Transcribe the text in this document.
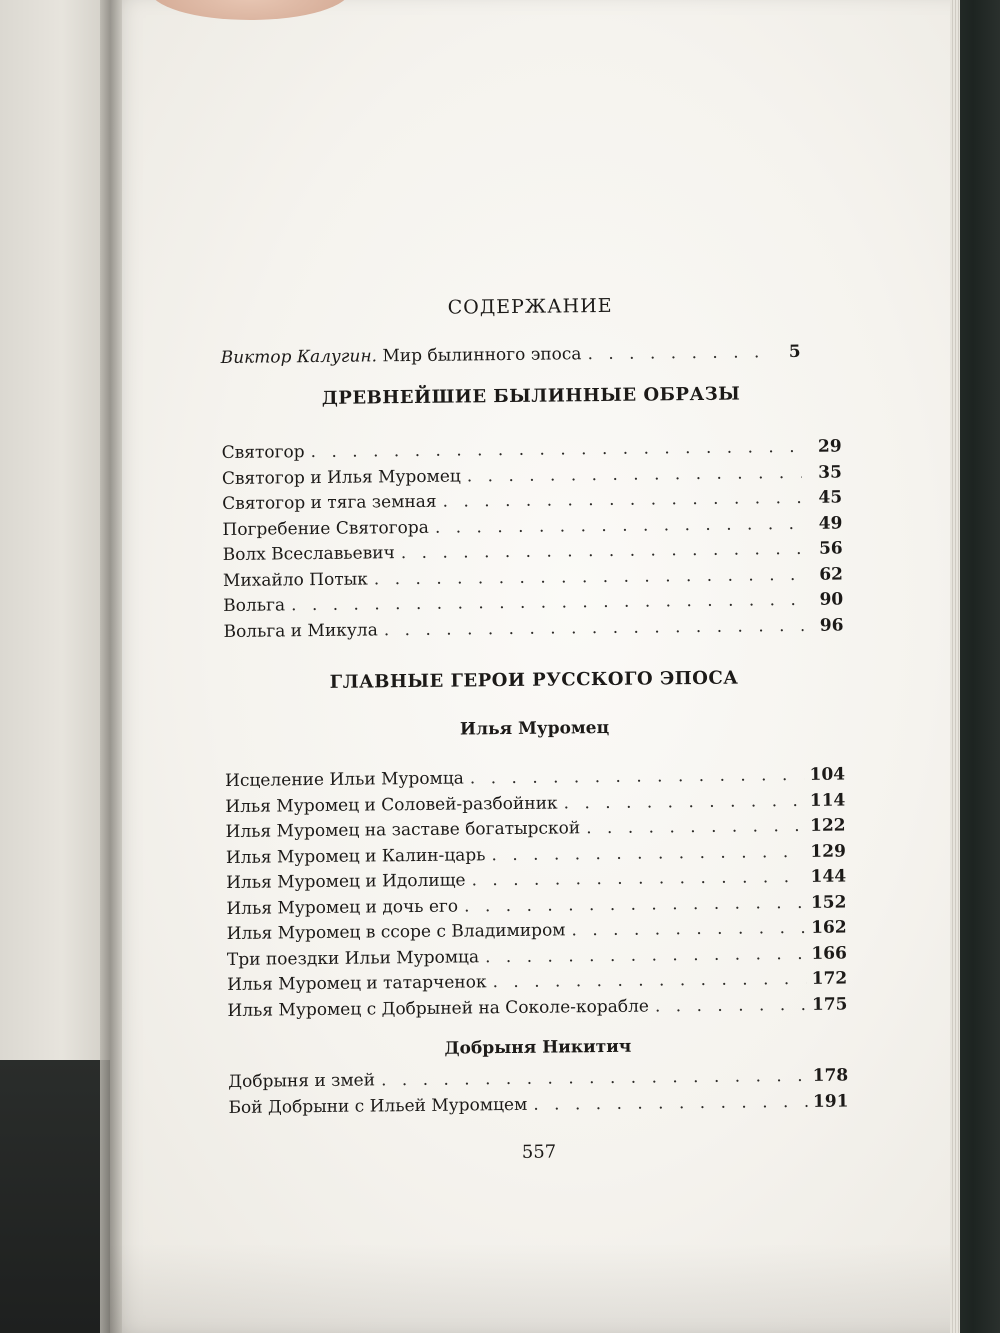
СОДЕРЖАНИЕ
Виктор Калугин. Мир былинного эпоса . . .	5
ДРЕВНЕЙШИЕ БЫЛИННЫЕ ОБРАЗЫ
Святогор . . .	29
Святогор и Илья Муромец . . .	35
Святогор и тяга земная . . .	45
Погребение Святогора . . .	49
Волх Всеславьевич . . .	56
Михайло Потык . . .	62
Вольга . . .	90
Вольга и Микула . . .	96
ГЛАВНЫЕ ГЕРОИ РУССКОГО ЭПОСА
Илья Муромец
Исцеление Ильи Муромца . . .	104
Илья Муромец и Соловей-разбойник . . .	114
Илья Муромец на заставе богатырской . . .	122
Илья Муромец и Калин-царь . . .	129
Илья Муромец и Идолище . . .	144
Илья Муромец и дочь его . . .	152
Илья Муромец в ссоре с Владимиром . . .	162
Три поездки Ильи Муромца . . .	166
Илья Муромец и татарченок . . .	172
Илья Муромец с Добрыней на Соколе-корабле . . .	175
Добрыня Никитич
Добрыня и змей . . .	178
Бой Добрыни с Ильей Муромцем . . .	191
557
